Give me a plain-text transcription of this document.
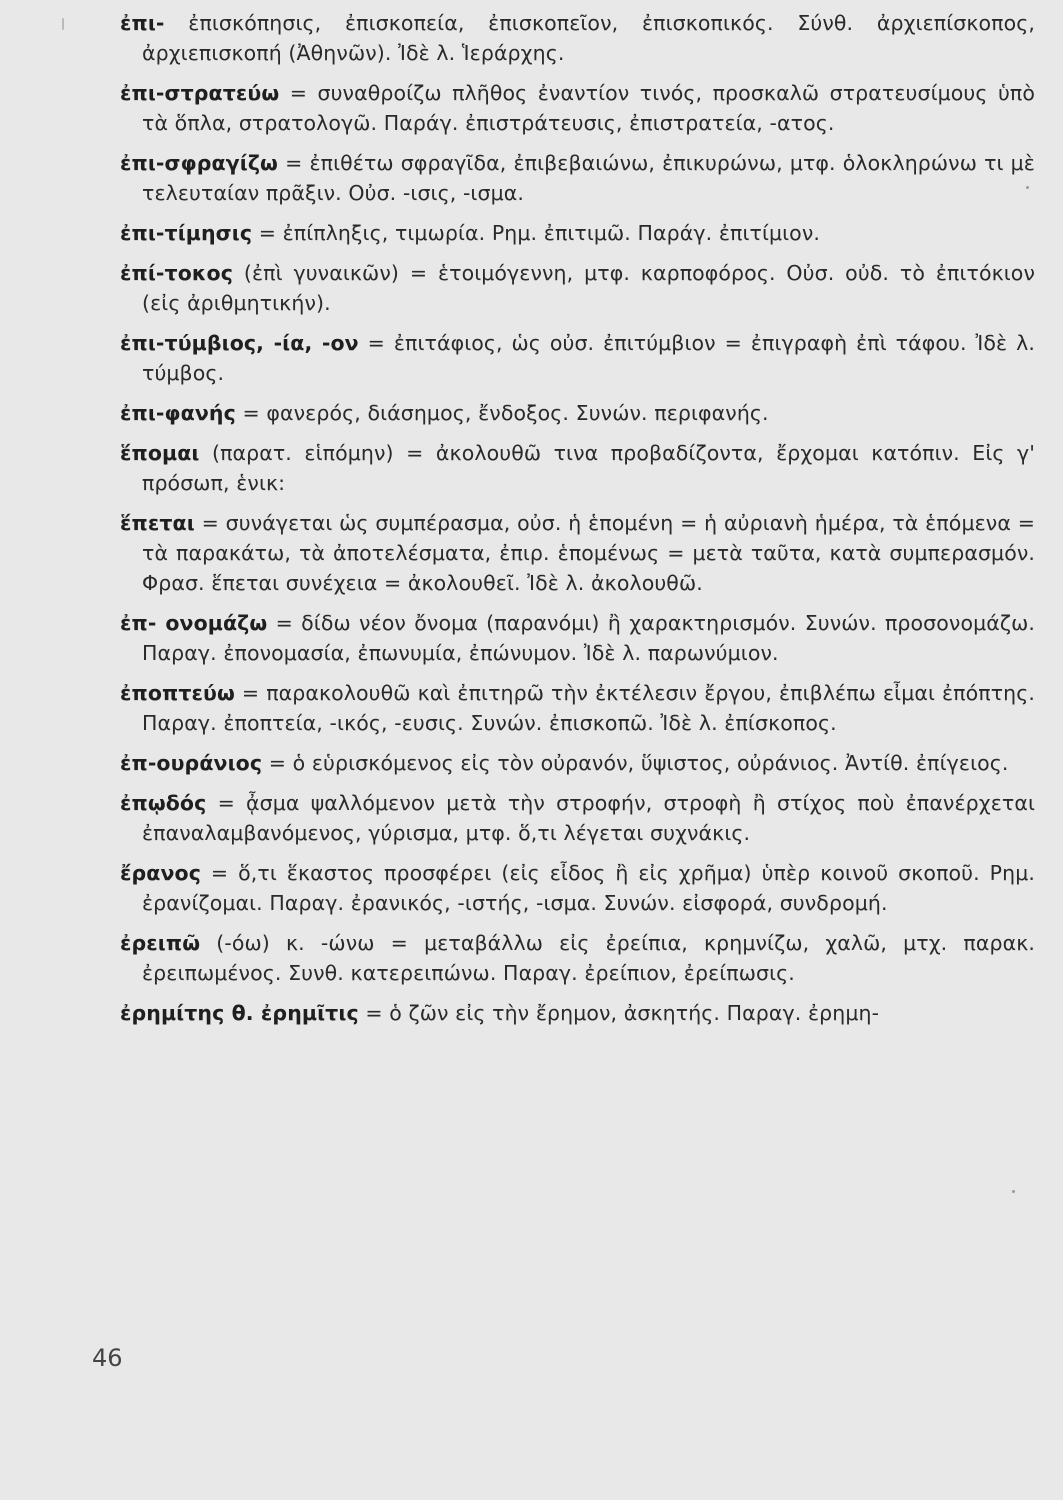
ἐπι- ἐπισκόπησις, ἐπισκοπεία, ἐπισκοπεῖον, ἐπισκοπικός. Σύνθ. ἀρχιεπίσκοπος, ἀρχιεπισκοπή (Ἀθηνῶν). Ἰδὲ λ. Ἱεράρχης.
ἐπι-στρατεύω = συναθροίζω πλῆθος ἐναντίον τινός, προσκαλῶ στρατευσίμους ὑπὸ τὰ ὅπλα, στρατολογῶ. Παράγ. ἐπιστράτευσις, ἐπιστρατεία, -ατος.
ἐπι-σφραγίζω = ἐπιθέτω σφραγῖδα, ἐπιβεβαιώνω, ἐπικυρώνω, μτφ. ὁλοκληρώνω τι μὲ τελευταίαν πρᾶξιν. Οὐσ. -ισις, -ισμα.
ἐπι-τίμησις = ἐπίπληξις, τιμωρία. Ρημ. ἐπιτιμῶ. Παράγ. ἐπιτίμιον.
ἐπί-τοκος (ἐπὶ γυναικῶν) = ἑτοιμόγεννη, μτφ. καρποφόρος. Οὐσ. οὐδ. τὸ ἐπιτόκιον (εἰς ἀριθμητικήν).
ἐπι-τύμβιος, -ία, -ον = ἐπιτάφιος, ὡς οὐσ. ἐπιτύμβιον = ἐπιγραφὴ ἐπὶ τάφου. Ἰδὲ λ. τύμβος.
ἐπι-φανής = φανερός, διάσημος, ἔνδοξος. Συνών. περιφανής.
ἕπομαι (παρατ. εἱπόμην) = ἀκολουθῶ τινα προβαδίζοντα, ἔρχομαι κατόπιν. Εἰς γ' πρόσωπ, ἑνικ:
ἕπεται = συνάγεται ὡς συμπέρασμα, οὐσ. ἡ ἑπομένη = ἡ αὐριανὴ ἡμέρα, τὰ ἑπόμενα = τὰ παρακάτω, τὰ ἀποτελέσματα, ἐπιρ. ἑπομένως = μετὰ ταῦτα, κατὰ συμπερασμόν. Φρασ. ἕπεται συνέχεια = ἀκολουθεῖ. Ἰδὲ λ. ἀκολουθῶ.
ἐπ- ονομάζω = δίδω νέον ὄνομα (παρανόμι) ἢ χαρακτηρισμόν. Συνών. προσονομάζω. Παραγ. ἐπονομασία, ἐπωνυμία, ἐπώνυμον. Ἰδὲ λ. παρωνύμιον.
ἐποπτεύω = παρακολουθῶ καὶ ἐπιτηρῶ τὴν ἐκτέλεσιν ἔργου, ἐπιβλέπω εἶμαι ἐπόπτης. Παραγ. ἐποπτεία, -ικός, -ευσις. Συνών. ἐπισκοπῶ. Ἰδὲ λ. ἐπίσκοπος.
ἐπ-ουράνιος = ὁ εὑρισκόμενος εἰς τὸν οὐρανόν, ὕψιστος, οὐράνιος. Ἀντίθ. ἐπίγειος.
ἐπῳδός = ᾆσμα ψαλλόμενον μετὰ τὴν στροφήν, στροφὴ ἢ στίχος ποὺ ἐπανέρχεται ἐπαναλαμβανόμενος, γύρισμα, μτφ. ὅ,τι λέγεται συχνάκις.
ἔρανος = ὅ,τι ἕκαστος προσφέρει (εἰς εἶδος ἢ εἰς χρῆμα) ὑπὲρ κοινοῦ σκοποῦ. Ρημ. ἐρανίζομαι. Παραγ. ἐρανικός, -ιστής, -ισμα. Συνών. εἰσφορά, συνδρομή.
ἐρειπῶ (-όω) κ. -ώνω = μεταβάλλω εἰς ἐρείπια, κρημνίζω, χαλῶ, μτχ. παρακ. ἐρειπωμένος. Συνθ. κατερειπώνω. Παραγ. ἐρείπιον, ἐρείπωσις.
ἐρημίτης θ. ἐρημῖτις = ὁ ζῶν εἰς τὴν ἔρημον, ἀσκητής. Παραγ. ἐρημη-
46
